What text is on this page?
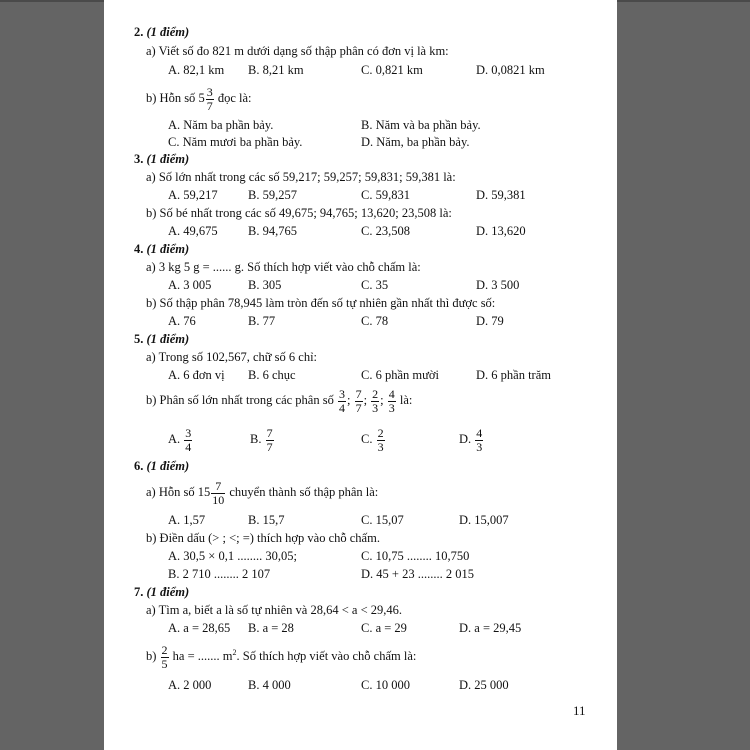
2. (1 điểm)
a) Viết số đo 821 m dưới dạng số thập phân có đơn vị là km:
A. 82,1 km B. 8,21 km	C. 0,821 km	D. 0,0821 km
b) Hỗn số $5 \frac{3}{7}$ đọc là:
A. Năm ba phần bảy.	B. Năm và ba phần bảy.
C. Năm mươi ba phần bảy.	D. Năm, ba phần bảy.
3. (1 điểm)
a) Số lớn nhất trong các số 59,217; 59,257; 59,831; 59,381 là:
A. 59,217 B. 59,257	C. 59,831	D. 59,381
b) Số bé nhất trong các số 49,675; 94,765; 13,620; 23,508 là:
A. 49,675 B. 94,765	C. 23,508	D. 13,620
4. (1 điểm)
a) 3 kg 5 g = ...... g. Số thích hợp viết vào chỗ chấm là:
A. 3 005	B. 305	C. 35	D. 3 500
b) Số thập phân 78,945 làm tròn đến số tự nhiên gần nhất thì được số:
A. 76	B. 77	C. 78	D. 79
5. (1 điểm)
a) Trong số 102,567, chữ số 6 chỉ:
A. 6 đơn vị B. 6 chục	C. 6 phần mười	D. 6 phần trăm
b) Phân số lớn nhất trong các phân số $\frac{3}{4}$ ; $\frac{7}{7}$ ; $\frac{2}{3}$ ; $\frac{4}{3}$ là:
A. $\frac{3}{4}$	B. $\frac{7}{7}$	C. $\frac{2}{3}$	D. $\frac{4}{3}$
6. (1 điểm)
a) Hỗn số $15 \frac{7}{10}$ chuyển thành số thập phân là:
A. 1,57	B. 15,7	C. 15,07	D. 15,007
b) Điền dấu (> ; <; =) thích hợp vào chỗ chấm.
A. 30,5 × 0,1 ........ 30,05;	C. 10,75 ........ 10,750
B. 2 710 ........ 2 107	D. 45 + 23 ........ 2 015
7. (1 điểm)
a) Tìm a, biết a là số tự nhiên và 28,64 < a < 29,46.
A. a = 28,65 B. a = 28	C. a = 29	D. a = 29,45
$b) \frac{2}{5}$ ha = ....... $m^2$. Số thích hợp viết vào chỗ chấm là:
A. 2 000	B. 4 000	C. 10 000	D. 25 000
11
